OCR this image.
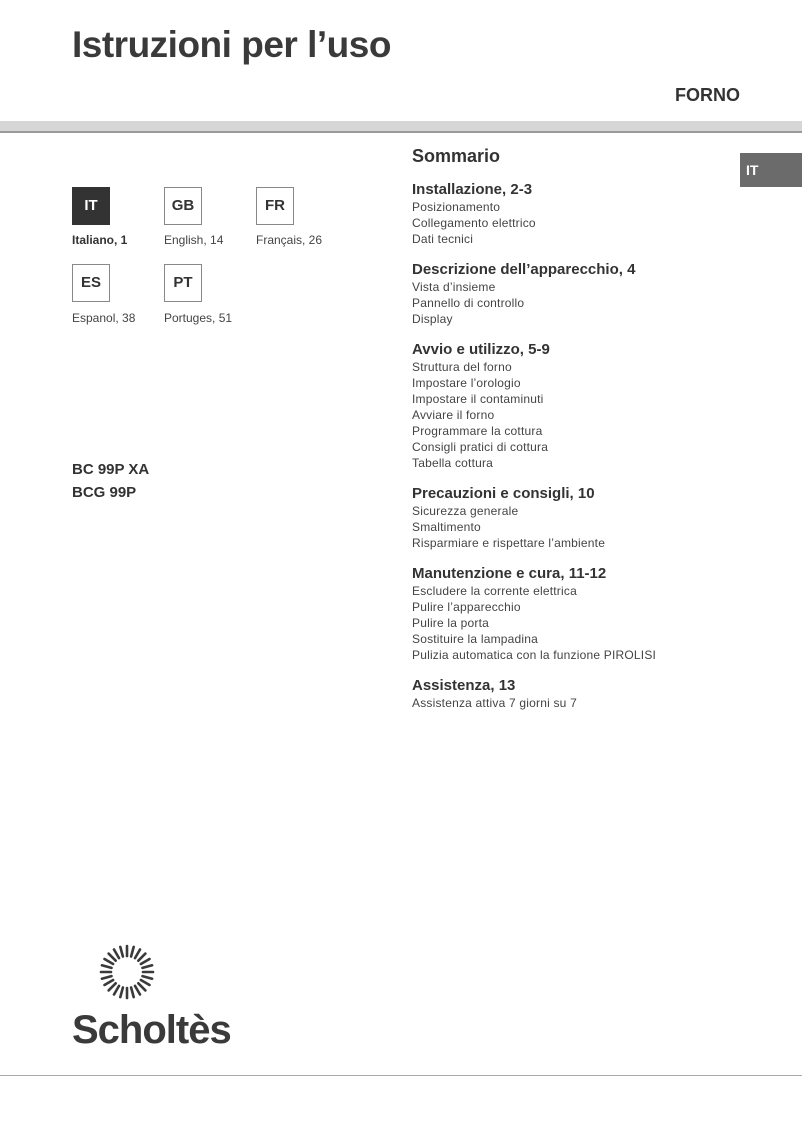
Istruzioni per l’uso
FORNO
IT
IT	GB	FR
Italiano, 1	English, 14	Français, 26
ES	PT
Espanol, 38 Portuges, 51
BC 99P XA
BCG 99P
Sommario
Installazione, 2-3
Posizionamento
Collegamento elettrico
Dati tecnici
Descrizione dell’apparecchio, 4
Vista d’insieme
Pannello di controllo
Display
Avvio e utilizzo, 5-9
Struttura del forno
Impostare l’orologio
Impostare il contaminuti
Avviare il forno
Programmare la cottura
Consigli pratici di cottura
Tabella cottura
Precauzioni e consigli, 10
Sicurezza generale
Smaltimento
Risparmiare e rispettare l’ambiente
Manutenzione e cura, 11-12
Escludere la corrente elettrica
Pulire l’apparecchio
Pulire la porta
Sostituire la lampadina
Pulizia automatica con la funzione PIROLISI
Assistenza, 13
Assistenza attiva 7 giorni su 7
Scholtès
